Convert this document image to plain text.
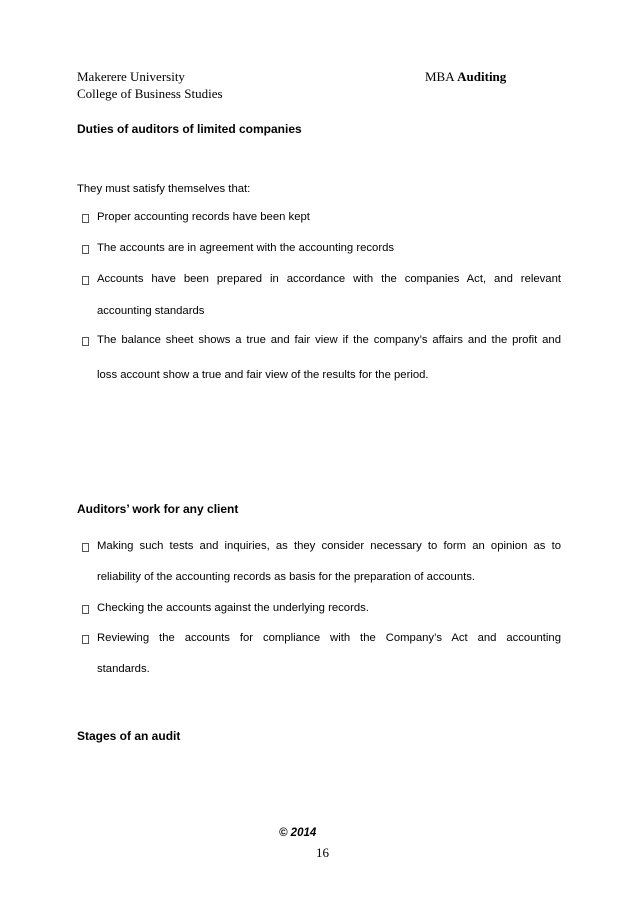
Makerere University
College of Business Studies
MBA Auditing
Duties of auditors of limited companies
They must satisfy themselves that:
Proper accounting records have been kept
The accounts are in agreement with the accounting records
Accounts have been prepared in accordance with the companies Act, and relevant
accounting standards
The balance sheet shows a true and fair view if the company’s affairs and the profit and
loss account show a true and fair view of the results for the period.
Auditors’ work for any client
Making such tests and inquiries, as they consider necessary to form an opinion as to
reliability of the accounting records as basis for the preparation of accounts.
Checking the accounts against the underlying records.
Reviewing the accounts for compliance with the Company’s Act and accounting
standards.
Stages of an audit
© 2014
16
